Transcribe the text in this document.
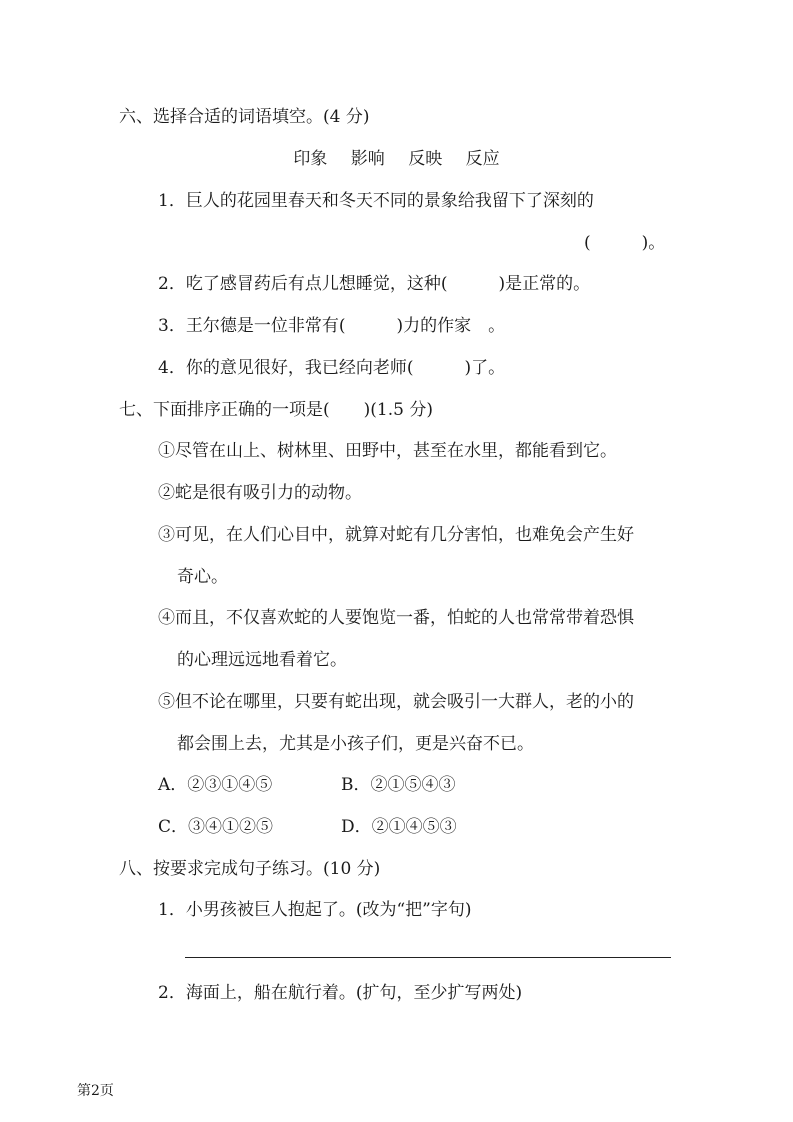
六、选择合适的词语填空。(4 分)
印象 影响 反映 反应
1．巨人的花园里春天和冬天不同的景象给我留下了深刻的
(　　　)。
2．吃了感冒药后有点儿想睡觉，这种(　　　)是正常的。
3．王尔德是一位非常有(　　　)力的作家　。
4．你的意见很好，我已经向老师(　　　)了。
七、下面排序正确的一项是(　　)(1.5 分)
①尽管在山上、树林里、田野中，甚至在水里，都能看到它。
②蛇是很有吸引力的动物。
③可见，在人们心目中，就算对蛇有几分害怕，也难免会产生好
奇心。
④而且，不仅喜欢蛇的人要饱览一番，怕蛇的人也常常带着恐惧
的心理远远地看着它。
⑤但不论在哪里，只要有蛇出现，就会吸引一大群人，老的小的
都会围上去，尤其是小孩子们，更是兴奋不已。
A．②③①④⑤	B．②①⑤④③
C．③④①②⑤	D．②①④⑤③
八、按要求完成句子练习。(10 分)
1．小男孩被巨人抱起了。(改为“把”字句)
2．海面上，船在航行着。(扩句，至少扩写两处)
第2页
